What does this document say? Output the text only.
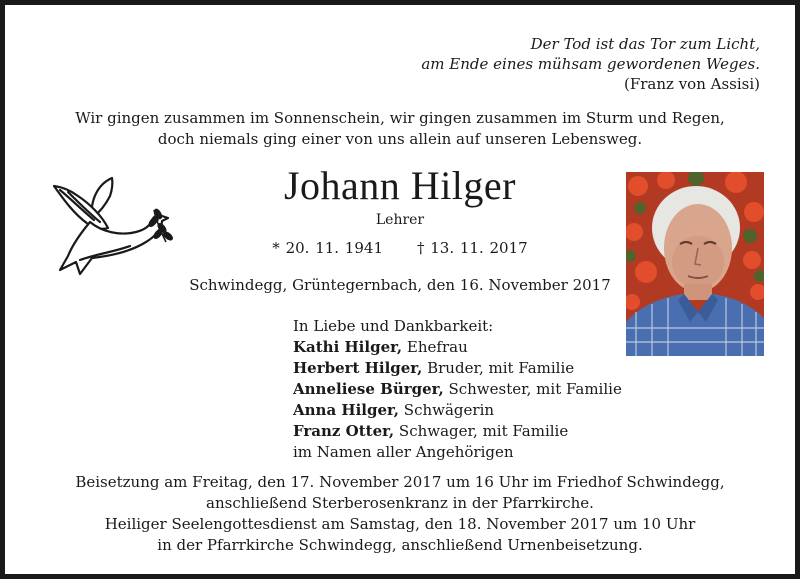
Der Tod ist das Tor zum Licht,
am Ende eines mühsam gewordenen Weges.
(Franz von Assisi)
Wir gingen zusammen im Sonnenschein, wir gingen zusammen im Sturm und Regen,
doch niemals ging einer von uns allein auf unseren Lebensweg.
Johann Hilger
Lehrer
* 20. 11. 1941 † 13. 11. 2017
Schwindegg, Grüntegernbach, den 16. November 2017
In Liebe und Dankbarkeit:
Kathi Hilger, Ehefrau
Herbert Hilger, Bruder, mit Familie
Anneliese Bürger, Schwester, mit Familie
Anna Hilger, Schwägerin
Franz Otter, Schwager, mit Familie
im Namen aller Angehörigen
Beisetzung am Freitag, den 17. November 2017 um 16 Uhr im Friedhof Schwindegg,
anschließend Sterberosenkranz in der Pfarrkirche.
Heiliger Seelengottesdienst am Samstag, den 18. November 2017 um 10 Uhr
in der Pfarrkirche Schwindegg, anschließend Urnenbeisetzung.
